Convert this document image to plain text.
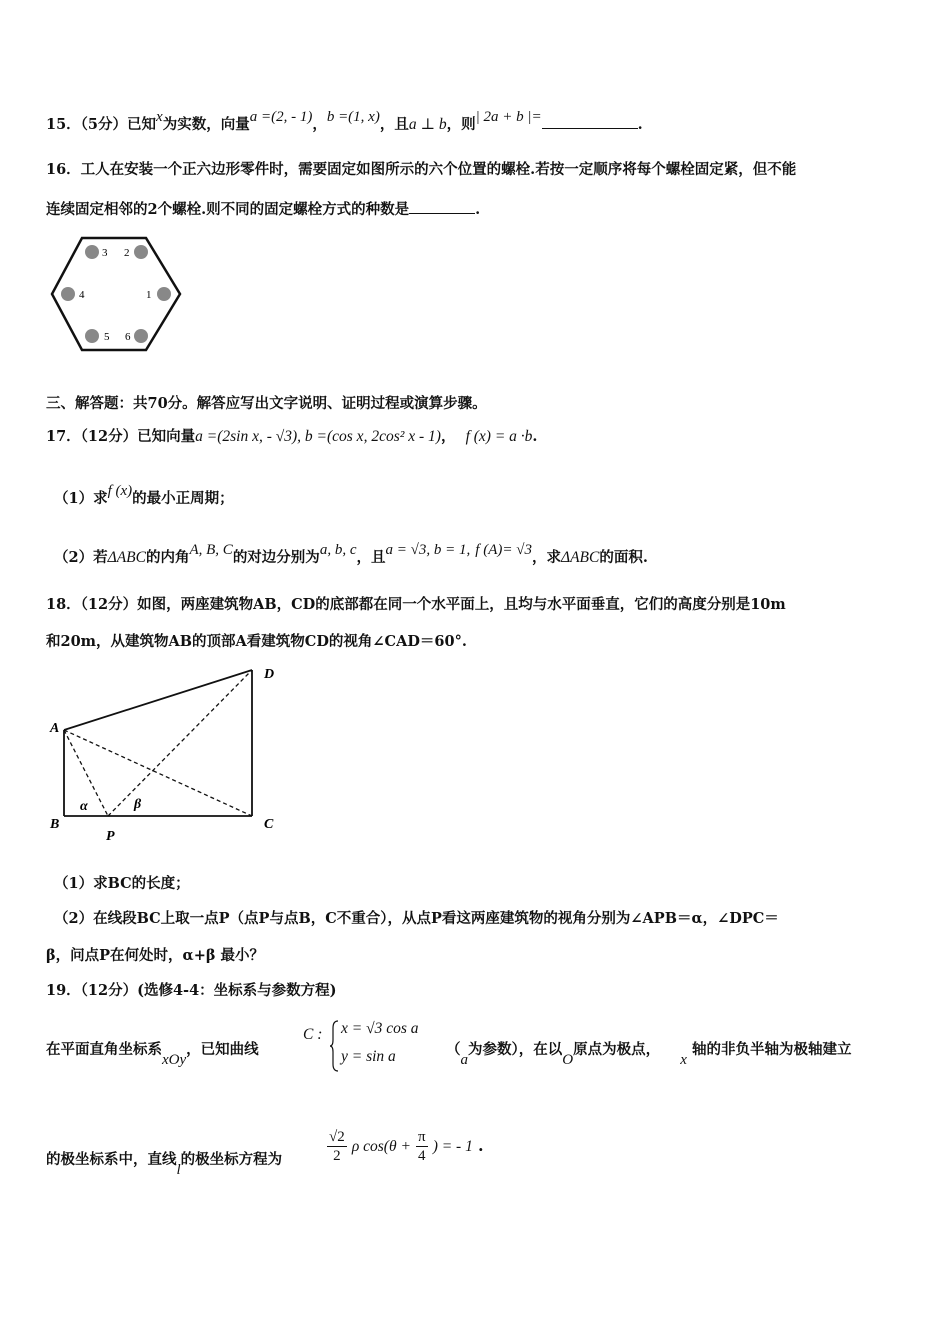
15．（5分）已知x为实数，向量a =(2, - 1)，b =(1, x)，且a ⊥ b，则| 2a + b |=	.
16．工人在安装一个正六边形零件时，需要固定如图所示的六个位置的螺栓.若按一定顺序将每个螺栓固定紧，但不能
连续固定相邻的2个螺栓.则不同的固定螺栓方式的种数是	.
3 2
4	1
5 6
三、解答题：共70分。解答应写出文字说明、证明过程或演算步骤。
17．（12分）已知向量a =(2sin x, - √3), b =(cos x, 2cos² x - 1)， f (x) = a ·b.
（1）求f (x)的最小正周期；
（2）若ΔABC的内角A, B, C的对边分别为a, b, c，且a = √3, b = 1, f (A)= √3，求ΔABC的面积.
18．（12分）如图，两座建筑物AB，CD的底部都在同一个水平面上，且均与水平面垂直，它们的高度分别是10m
和20m，从建筑物AB的顶部A看建筑物CD的视角∠CAD＝60°.
A
B	C
D
P
α	β
（1）求BC的长度；
（2）在线段BC上取一点P（点P与点B，C不重合），从点P看这两座建筑物的视角分别为∠APB＝α，∠DPC＝
β，问点P在何处时，α+β 最小？
19．（12分）(选修4-4：坐标系与参数方程)
在平面直角坐标系xOy，已知曲线
C : x = √3 cos a
y = sin a	（a为参数），在以O原点为极点，    x 轴的非负半轴为极轴建立
的极坐标系中，直线l的极坐标方程为	$\frac{√2}{2}$ ρ $\cos(\theta + \frac{\pi}{4}$ ) = - 1 .
